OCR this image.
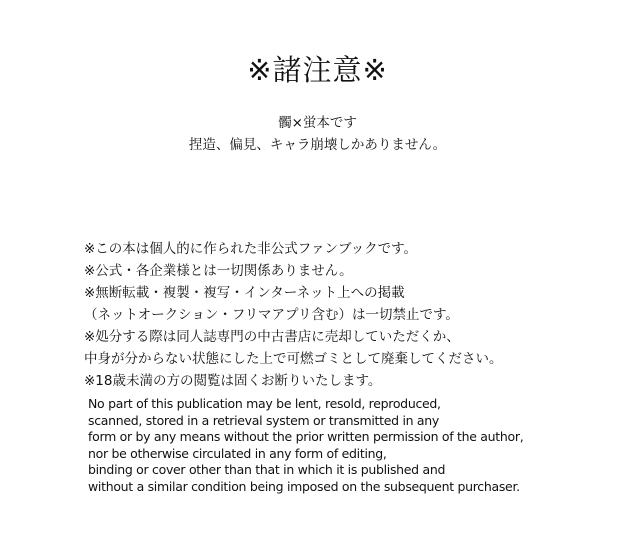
※諸注意※
髑×蛍本です
捏造、偏見、キャラ崩壊しかありません。
※この本は個人的に作られた非公式ファンブックです。
※公式・各企業様とは一切関係ありません。
※無断転載・複製・複写・インターネット上への掲載
（ネットオークション・フリマアプリ含む）は一切禁止です。
※処分する際は同人誌専門の中古書店に売却していただくか、
中身が分からない状態にした上で可燃ゴミとして廃棄してください。
※18歳未満の方の閲覧は固くお断りいたします。
No part of this publication may be lent, resold, reproduced,
scanned, stored in a retrieval system or transmitted in any
form or by any means without the prior written permission of the author,
nor be otherwise circulated in any form of editing,
binding or cover other than that in which it is published and
without a similar condition being imposed on the subsequent purchaser.
